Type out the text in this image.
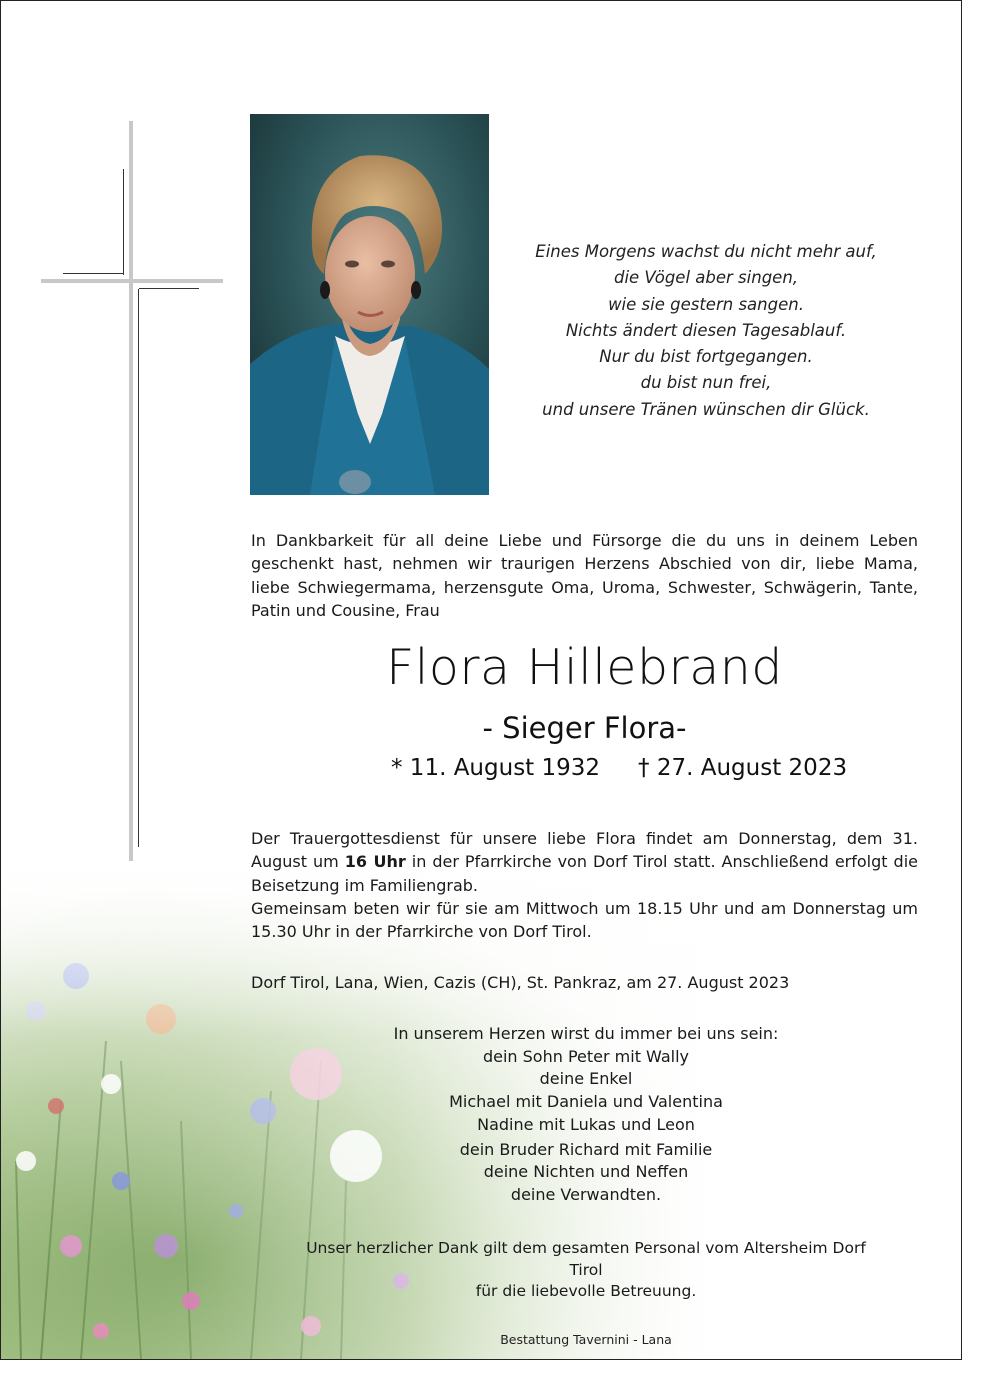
Eines Morgens wachst du nicht mehr auf,
die Vögel aber singen,
wie sie gestern sangen.
Nichts ändert diesen Tagesablauf.
Nur du bist fortgegangen.
du bist nun frei,
und unsere Tränen wünschen dir Glück.
In Dankbarkeit für all deine Liebe und Fürsorge die du uns in deinem Leben geschenkt hast, nehmen wir traurigen Herzens Abschied von dir, liebe Mama, liebe Schwiegermama, herzensgute Oma, Uroma, Schwester, Schwägerin, Tante, Patin und Cousine, Frau
Flora Hillebrand
- Sieger Flora-
* 11. August 1932 † 27. August 2023
Der Trauergottesdienst für unsere liebe Flora findet am Donnerstag, dem 31. August um 16 Uhr in der Pfarrkirche von Dorf Tirol statt. Anschließend erfolgt die Beisetzung im Familiengrab.
Gemeinsam beten wir für sie am Mittwoch um 18.15 Uhr und am Donnerstag um 15.30 Uhr in der Pfarrkirche von Dorf Tirol.
Dorf Tirol, Lana, Wien, Cazis (CH), St. Pankraz, am 27. August 2023
In unserem Herzen wirst du immer bei uns sein:
dein Sohn Peter mit Wally
deine Enkel
Michael mit Daniela und Valentina
Nadine mit Lukas und Leon
dein Bruder Richard mit Familie
deine Nichten und Neffen
deine Verwandten.
Unser herzlicher Dank gilt dem gesamten Personal vom Altersheim Dorf Tirol
für die liebevolle Betreuung.
Bestattung Tavernini - Lana
